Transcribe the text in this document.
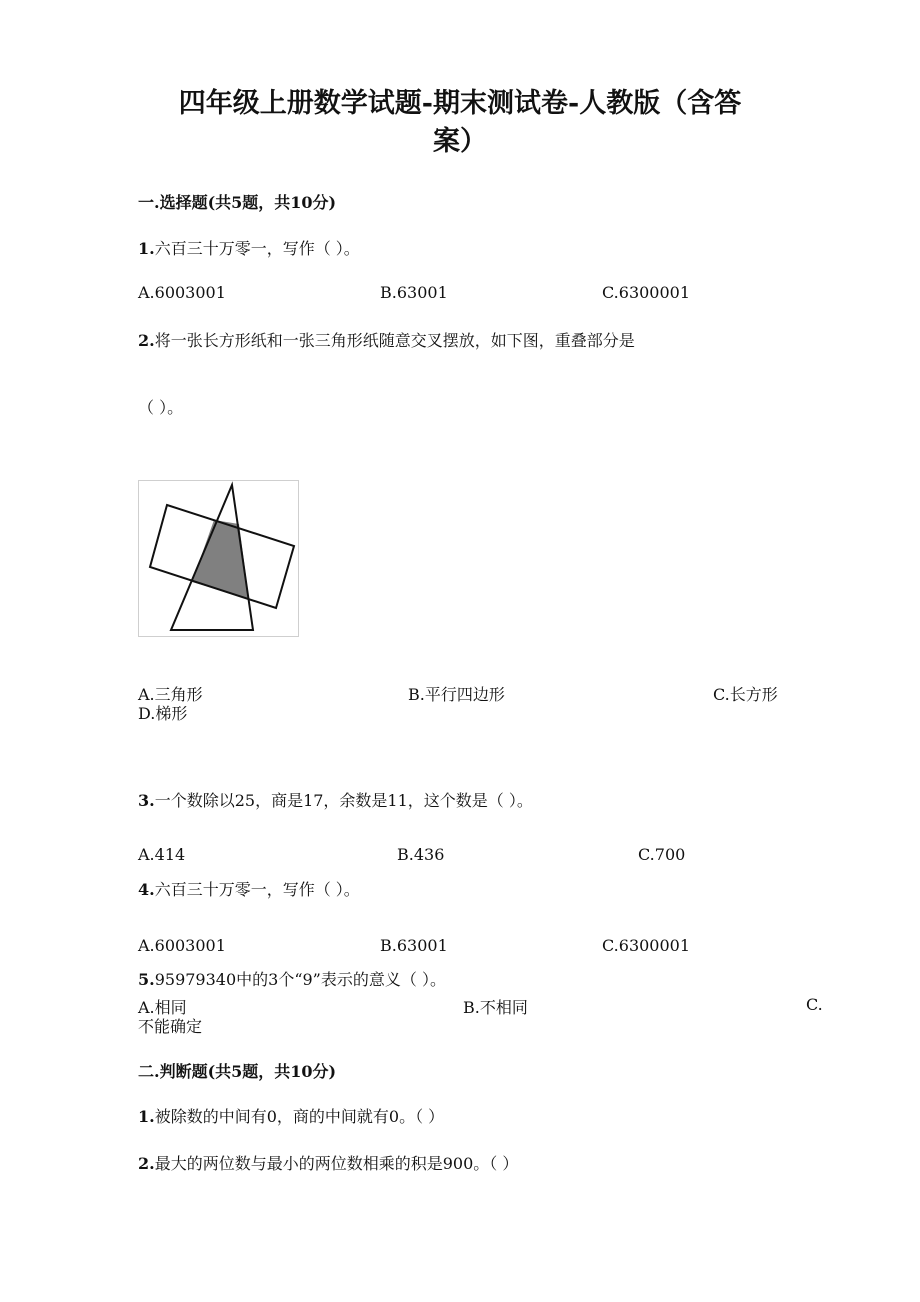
四年级上册数学试题-期末测试卷-人教版（含答
案）
一.选择题(共5题，共10分)
1.六百三十万零一，写作（ ）。
A.6003001	B.63001	C.6300001
2.将一张长方形纸和一张三角形纸随意交叉摆放，如下图，重叠部分是
（ ）。
A.三角形	B.平行四边形	C.长方形
D.梯形
3.一个数除以25，商是17，余数是11，这个数是（ ）。
A.414	B.436	C.700
4.六百三十万零一，写作（ ）。
A.6003001	B.63001	C.6300001
5.95979340中的3个“9”表示的意义（ ）。
A.相同	B.不相同	C.
不能确定
二.判断题(共5题，共10分)
1.被除数的中间有0，商的中间就有0。（ ）
2.最大的两位数与最小的两位数相乘的积是900。（ ）
